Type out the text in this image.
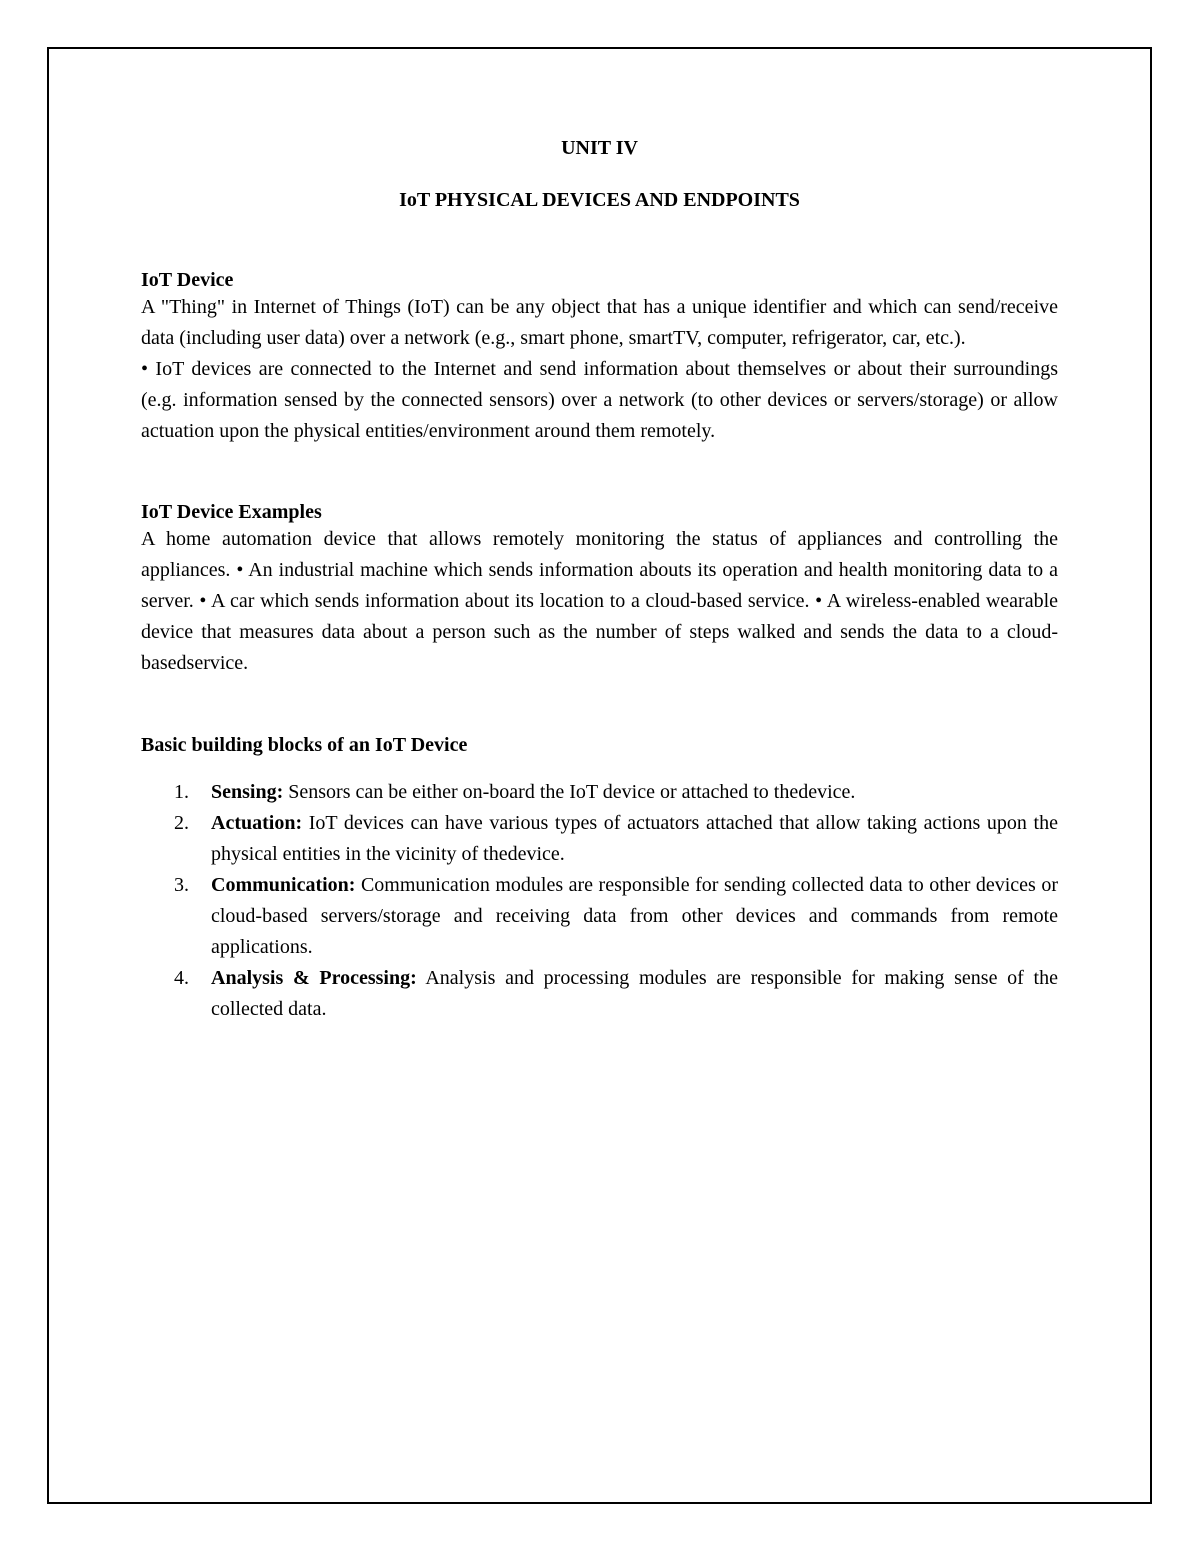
UNIT IV
IoT PHYSICAL DEVICES AND ENDPOINTS
IoT Device

A "Thing" in Internet of Things (IoT) can be any object that has a unique identifier and which can send/receive data (including user data) over a network (e.g., smart phone, smartTV, computer, refrigerator, car, etc.).

• IoT devices are connected to the Internet and send information about themselves or about their surroundings (e.g. information sensed by the connected sensors) over a network (to other devices or servers/storage) or allow actuation upon the physical entities/environment around them remotely.

IoT Device Examples

A home automation device that allows remotely monitoring the status of appliances and controlling the appliances. • An industrial machine which sends information abouts its operation and health monitoring data to a server. • A car which sends information about its location to a cloud-based service. • A wireless-enabled wearable device that measures data about a person such as the number of steps walked and sends the data to a cloud-basedservice.

Basic building blocks of an IoT Device
1. Sensing: Sensors can be either on-board the IoT device or attached to thedevice.
2. Actuation: IoT devices can have various types of actuators attached that allow taking actions upon the physical entities in the vicinity of thedevice.
3. Communication: Communication modules are responsible for sending collected data to other devices or cloud-based servers/storage and receiving data from other devices and commands from remote applications.
4. Analysis & Processing: Analysis and processing modules are responsible for making sense of the collected data.
